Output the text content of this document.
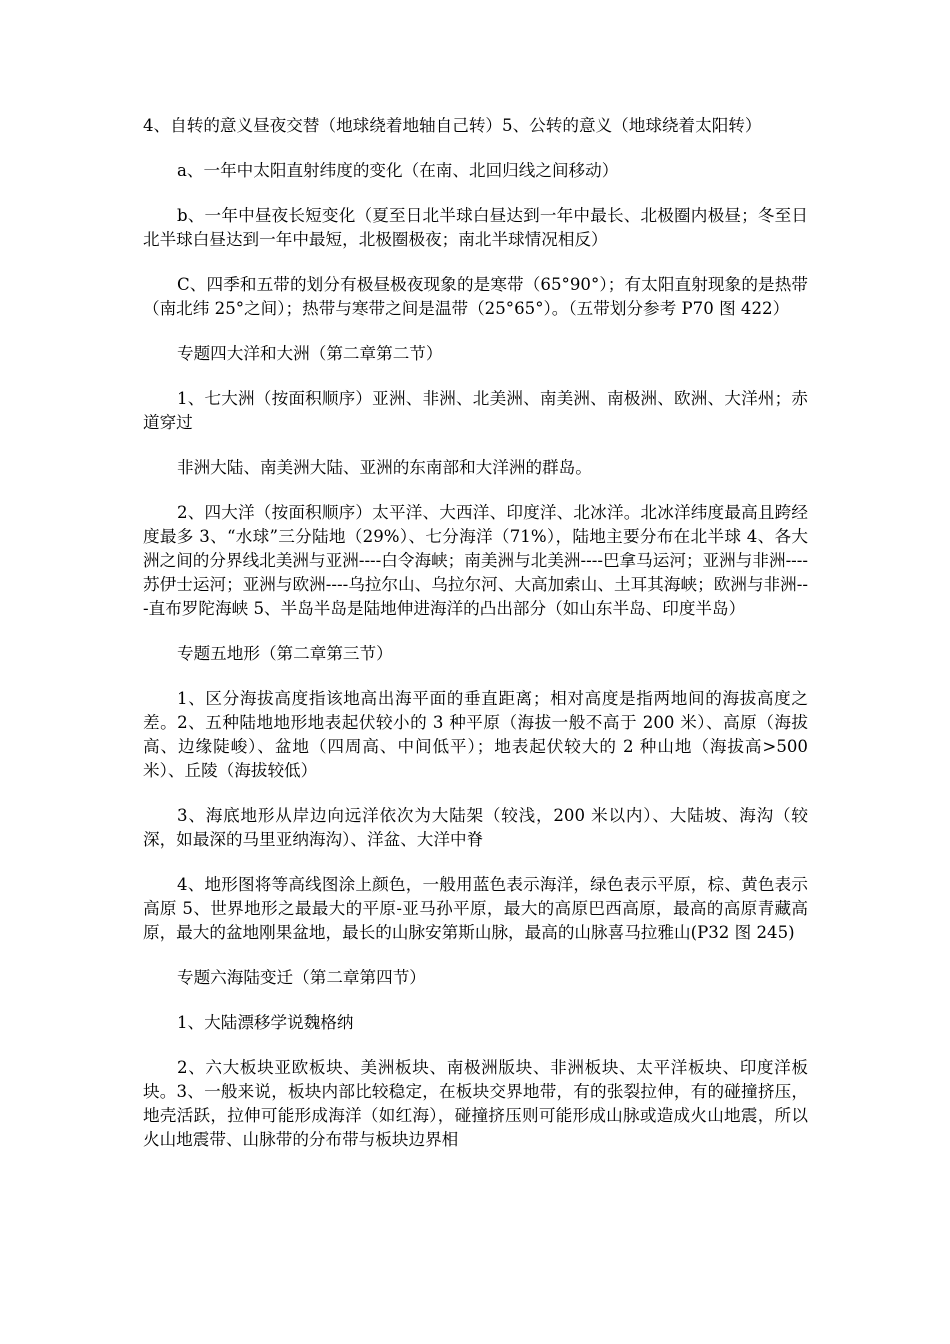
4、自转的意义昼夜交替（地球绕着地轴自己转）5、公转的意义（地球绕着太阳转）

a、一年中太阳直射纬度的变化（在南、北回归线之间移动）

b、一年中昼夜长短变化（夏至日北半球白昼达到一年中最长、北极圈内极昼；冬至日北半球白昼达到一年中最短，北极圈极夜；南北半球情况相反）

C、四季和五带的划分有极昼极夜现象的是寒带（65°90°）；有太阳直射现象的是热带（南北纬 25°之间）；热带与寒带之间是温带（25°65°）。（五带划分参考 P70 图 422）

专题四大洋和大洲（第二章第二节）

1、七大洲（按面积顺序）亚洲、非洲、北美洲、南美洲、南极洲、欧洲、大洋州；赤道穿过

非洲大陆、南美洲大陆、亚洲的东南部和大洋洲的群岛。

2、四大洋（按面积顺序）太平洋、大西洋、印度洋、北冰洋。北冰洋纬度最高且跨经度最多 3、“水球”三分陆地（29%）、七分海洋（71%），陆地主要分布在北半球 4、各大洲之间的分界线北美洲与亚洲----白令海峡；南美洲与北美洲----巴拿马运河；亚洲与非洲----苏伊士运河；亚洲与欧洲----乌拉尔山、乌拉尔河、大高加索山、土耳其海峡；欧洲与非洲---直布罗陀海峡 5、半岛半岛是陆地伸进海洋的凸出部分（如山东半岛、印度半岛）

专题五地形（第二章第三节）

1、区分海拔高度指该地高出海平面的垂直距离；相对高度是指两地间的海拔高度之差。2、五种陆地地形地表起伏较小的 3 种平原（海拔一般不高于 200 米）、高原（海拔高、边缘陡峻）、盆地（四周高、中间低平）；地表起伏较大的 2 种山地（海拔高>500 米）、丘陵（海拔较低）

3、海底地形从岸边向远洋依次为大陆架（较浅，200 米以内）、大陆坡、海沟（较深，如最深的马里亚纳海沟）、洋盆、大洋中脊

4、地形图将等高线图涂上颜色，一般用蓝色表示海洋，绿色表示平原，棕、黄色表示高原 5、世界地形之最最大的平原-亚马孙平原，最大的高原巴西高原，最高的高原青藏高原，最大的盆地刚果盆地，最长的山脉安第斯山脉，最高的山脉喜马拉雅山(P32 图 245)

专题六海陆变迁（第二章第四节）

1、大陆漂移学说魏格纳

2、六大板块亚欧板块、美洲板块、南极洲版块、非洲板块、太平洋板块、印度洋板块。3、一般来说，板块内部比较稳定，在板块交界地带，有的张裂拉伸，有的碰撞挤压，地壳活跃，拉伸可能形成海洋（如红海），碰撞挤压则可能形成山脉或造成火山地震，所以火山地震带、山脉带的分布带与板块边界相
